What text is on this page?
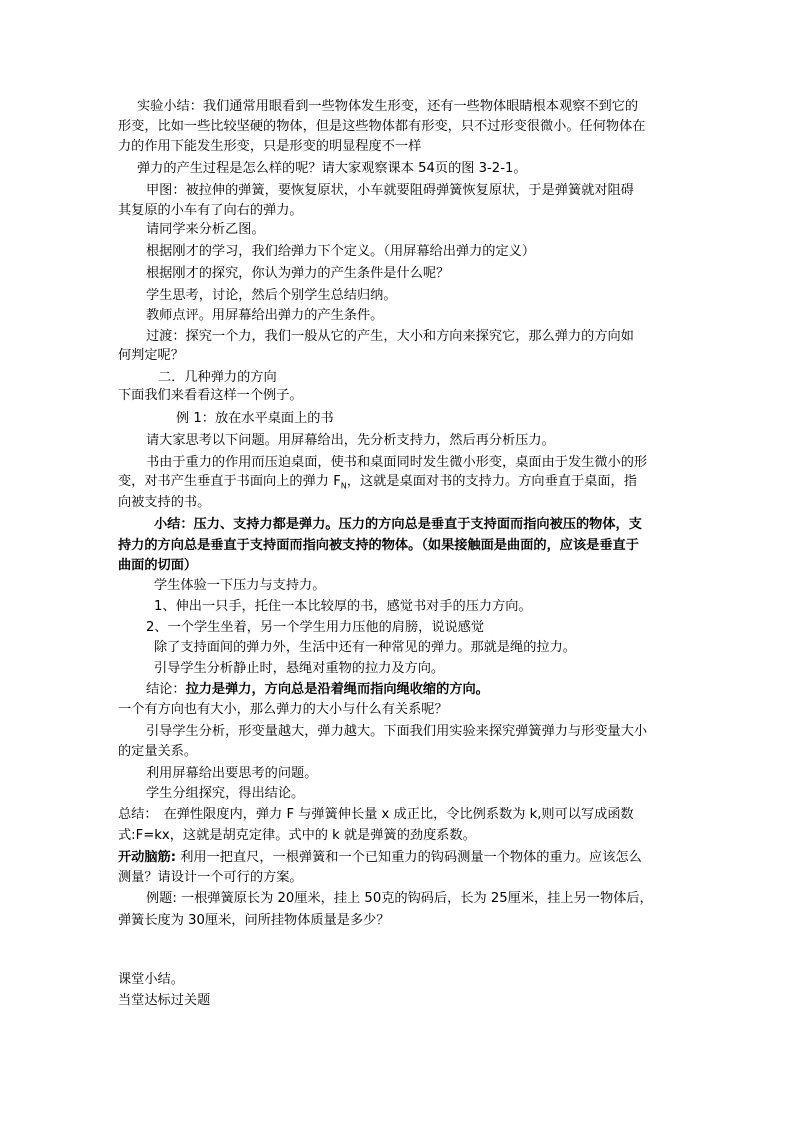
实验小结：我们通常用眼看到一些物体发生形变，还有一些物体眼睛根本观察不到它的
形变，比如一些比较坚硬的物体，但是这些物体都有形变，只不过形变很微小。任何物体在
力的作用下能发生形变，只是形变的明显程度不一样
弹力的产生过程是怎么样的呢？请大家观察课本 54页的图 3-2-1。
甲图：被拉伸的弹簧，要恢复原状，小车就要阻碍弹簧恢复原状，于是弹簧就对阻碍
其复原的小车有了向右的弹力。
请同学来分析乙图。
根据刚才的学习，我们给弹力下个定义。（用屏幕给出弹力的定义）
根据刚才的探究，你认为弹力的产生条件是什么呢？
学生思考，讨论，然后个别学生总结归纳。
教师点评。用屏幕给出弹力的产生条件。
过渡：探究一个力，我们一般从它的产生，大小和方向来探究它，那么弹力的方向如
何判定呢？
二．几种弹力的方向
下面我们来看看这样一个例子。
例 1：放在水平桌面上的书
请大家思考以下问题。用屏幕给出，先分析支持力，然后再分析压力。
书由于重力的作用而压迫桌面，使书和桌面同时发生微小形变，桌面由于发生微小的形
变，对书产生垂直于书面向上的弹力 $F_N$，这就是桌面对书的支持力。方向垂直于桌面，指
向被支持的书。
小结：压力、支持力都是弹力。压力的方向总是垂直于支持面而指向被压的物体，支
持力的方向总是垂直于支持面而指向被支持的物体。（如果接触面是曲面的，应该是垂直于
曲面的切面）
学生体验一下压力与支持力。
1、伸出一只手，托住一本比较厚的书，感觉书对手的压力方向。
2、一个学生坐着，另一个学生用力压他的肩膀，说说感觉
除了支持面间的弹力外，生活中还有一种常见的弹力。那就是绳的拉力。
引导学生分析静止时，悬绳对重物的拉力及方向。
结论：拉力是弹力，方向总是沿着绳而指向绳收缩的方向。
一个有方向也有大小，那么弹力的大小与什么有关系呢？
引导学生分析，形变量越大，弹力越大。下面我们用实验来探究弹簧弹力与形变量大小
的定量关系。
利用屏幕给出要思考的问题。
学生分组探究，得出结论。
总结： 在弹性限度内，弹力 F 与弹簧伸长量 x 成正比，令比例系数为 k,则可以写成函数
式:F=kx，这就是胡克定律。式中的 k 就是弹簧的劲度系数。
开动脑筋: 利用一把直尺，一根弹簧和一个已知重力的钩码测量一个物体的重力。应该怎么
测量？请设计一个可行的方案。
例题: 一根弹簧原长为 20厘米，挂上 50克的钩码后，长为 25厘米，挂上另一物体后，
弹簧长度为 30厘米，问所挂物体质量是多少？
课堂小结。
当堂达标过关题
